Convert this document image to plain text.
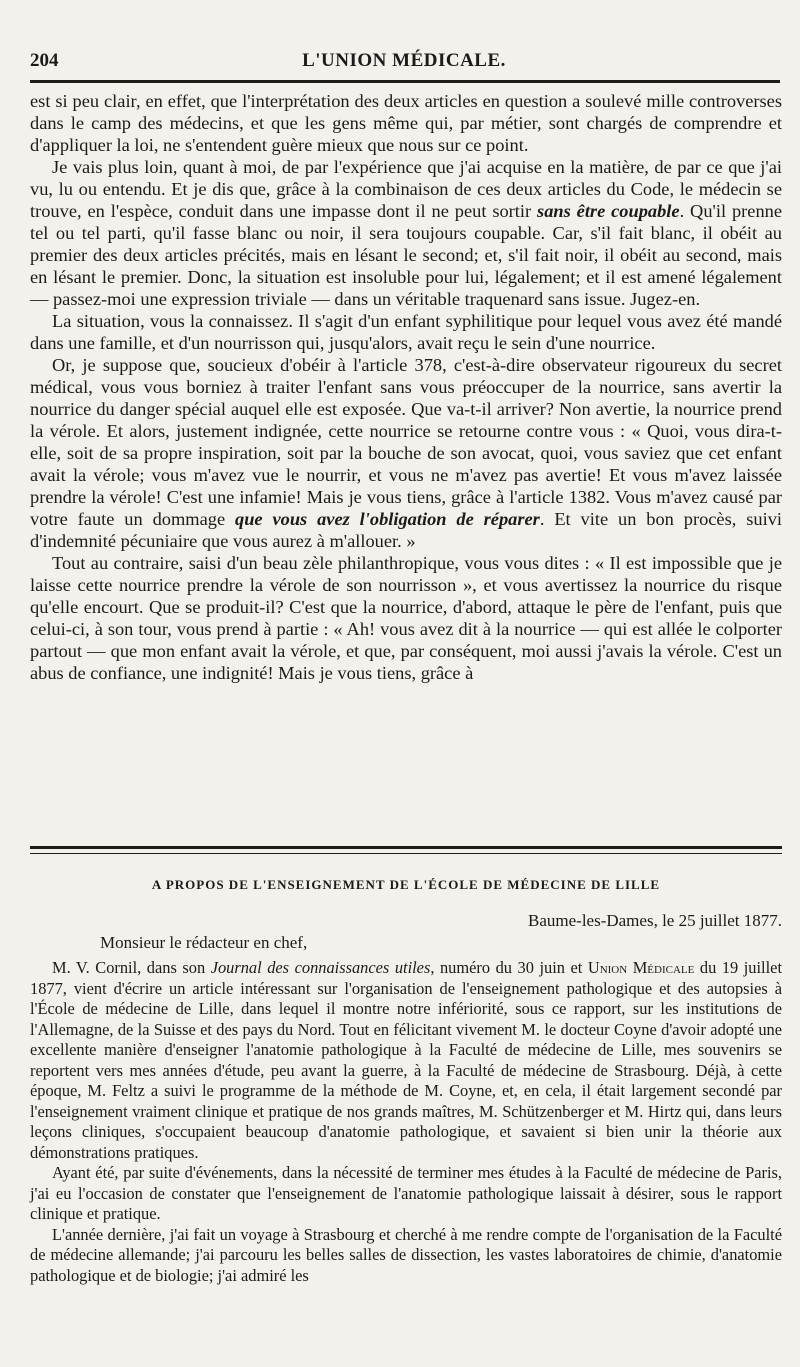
204	L'UNION MÉDICALE.

est si peu clair, en effet, que l'interprétation des deux articles en question a soulevé mille controverses dans le camp des médecins, et que les gens même qui, par métier, sont chargés de comprendre et d'appliquer la loi, ne s'entendent guère mieux que nous sur ce point.

Je vais plus loin, quant à moi, de par l'expérience que j'ai acquise en la matière, de par ce que j'ai vu, lu ou entendu. Et je dis que, grâce à la combinaison de ces deux articles du Code, le médecin se trouve, en l'espèce, conduit dans une impasse dont il ne peut sortir sans être coupable. Qu'il prenne tel ou tel parti, qu'il fasse blanc ou noir, il sera toujours coupable. Car, s'il fait blanc, il obéit au premier des deux articles précités, mais en lésant le second; et, s'il fait noir, il obéit au second, mais en lésant le premier. Donc, la situation est insoluble pour lui, légalement; et il est amené légalement — passez-moi une expression triviale — dans un véritable traquenard sans issue. Jugez-en.

La situation, vous la connaissez. Il s'agit d'un enfant syphilitique pour lequel vous avez été mandé dans une famille, et d'un nourrisson qui, jusqu'alors, avait reçu le sein d'une nourrice.

Or, je suppose que, soucieux d'obéir à l'article 378, c'est-à-dire observateur rigoureux du secret médical, vous vous borniez à traiter l'enfant sans vous préoccuper de la nourrice, sans avertir la nourrice du danger spécial auquel elle est exposée. Que va-t-il arriver? Non avertie, la nourrice prend la vérole. Et alors, justement indignée, cette nourrice se retourne contre vous : « Quoi, vous dira-t-elle, soit de sa propre inspiration, soit par la bouche de son avocat, quoi, vous saviez que cet enfant avait la vérole; vous m'avez vue le nourrir, et vous ne m'avez pas avertie! Et vous m'avez laissée prendre la vérole! C'est une infamie! Mais je vous tiens, grâce à l'article 1382. Vous m'avez causé par votre faute un dommage que vous avez l'obligation de réparer. Et vite un bon procès, suivi d'indemnité pécuniaire que vous aurez à m'allouer. »

Tout au contraire, saisi d'un beau zèle philanthropique, vous vous dites : « Il est impossible que je laisse cette nourrice prendre la vérole de son nourrisson », et vous avertissez la nourrice du risque qu'elle encourt. Que se produit-il? C'est que la nourrice, d'abord, attaque le père de l'enfant, puis que celui-ci, à son tour, vous prend à partie : « Ah! vous avez dit à la nourrice — qui est allée le colporter partout — que mon enfant avait la vérole, et que, par conséquent, moi aussi j'avais la vérole. C'est un abus de confiance, une indignité! Mais je vous tiens, grâce à

A PROPOS DE L'ENSEIGNEMENT DE L'ÉCOLE DE MÉDECINE DE LILLE

Baume-les-Dames, le 25 juillet 1877.

Monsieur le rédacteur en chef,

M. V. Cornil, dans son Journal des connaissances utiles, numéro du 30 juin et Union Médicale du 19 juillet 1877, vient d'écrire un article intéressant sur l'organisation de l'enseignement pathologique et des autopsies à l'École de médecine de Lille, dans lequel il montre notre infériorité, sous ce rapport, sur les institutions de l'Allemagne, de la Suisse et des pays du Nord. Tout en félicitant vivement M. le docteur Coyne d'avoir adopté une excellente manière d'enseigner l'anatomie pathologique à la Faculté de médecine de Lille, mes souvenirs se reportent vers mes années d'étude, peu avant la guerre, à la Faculté de médecine de Strasbourg. Déjà, à cette époque, M. Feltz a suivi le programme de la méthode de M. Coyne, et, en cela, il était largement secondé par l'enseignement vraiment clinique et pratique de nos grands maîtres, M. Schützenberger et M. Hirtz qui, dans leurs leçons cliniques, s'occupaient beaucoup d'anatomie pathologique, et savaient si bien unir la théorie aux démonstrations pratiques.

Ayant été, par suite d'événements, dans la nécessité de terminer mes études à la Faculté de médecine de Paris, j'ai eu l'occasion de constater que l'enseignement de l'anatomie pathologique laissait à désirer, sous le rapport clinique et pratique.

L'année dernière, j'ai fait un voyage à Strasbourg et cherché à me rendre compte de l'organisation de la Faculté de médecine allemande; j'ai parcouru les belles salles de dissection, les vastes laboratoires de chimie, d'anatomie pathologique et de biologie; j'ai admiré les
